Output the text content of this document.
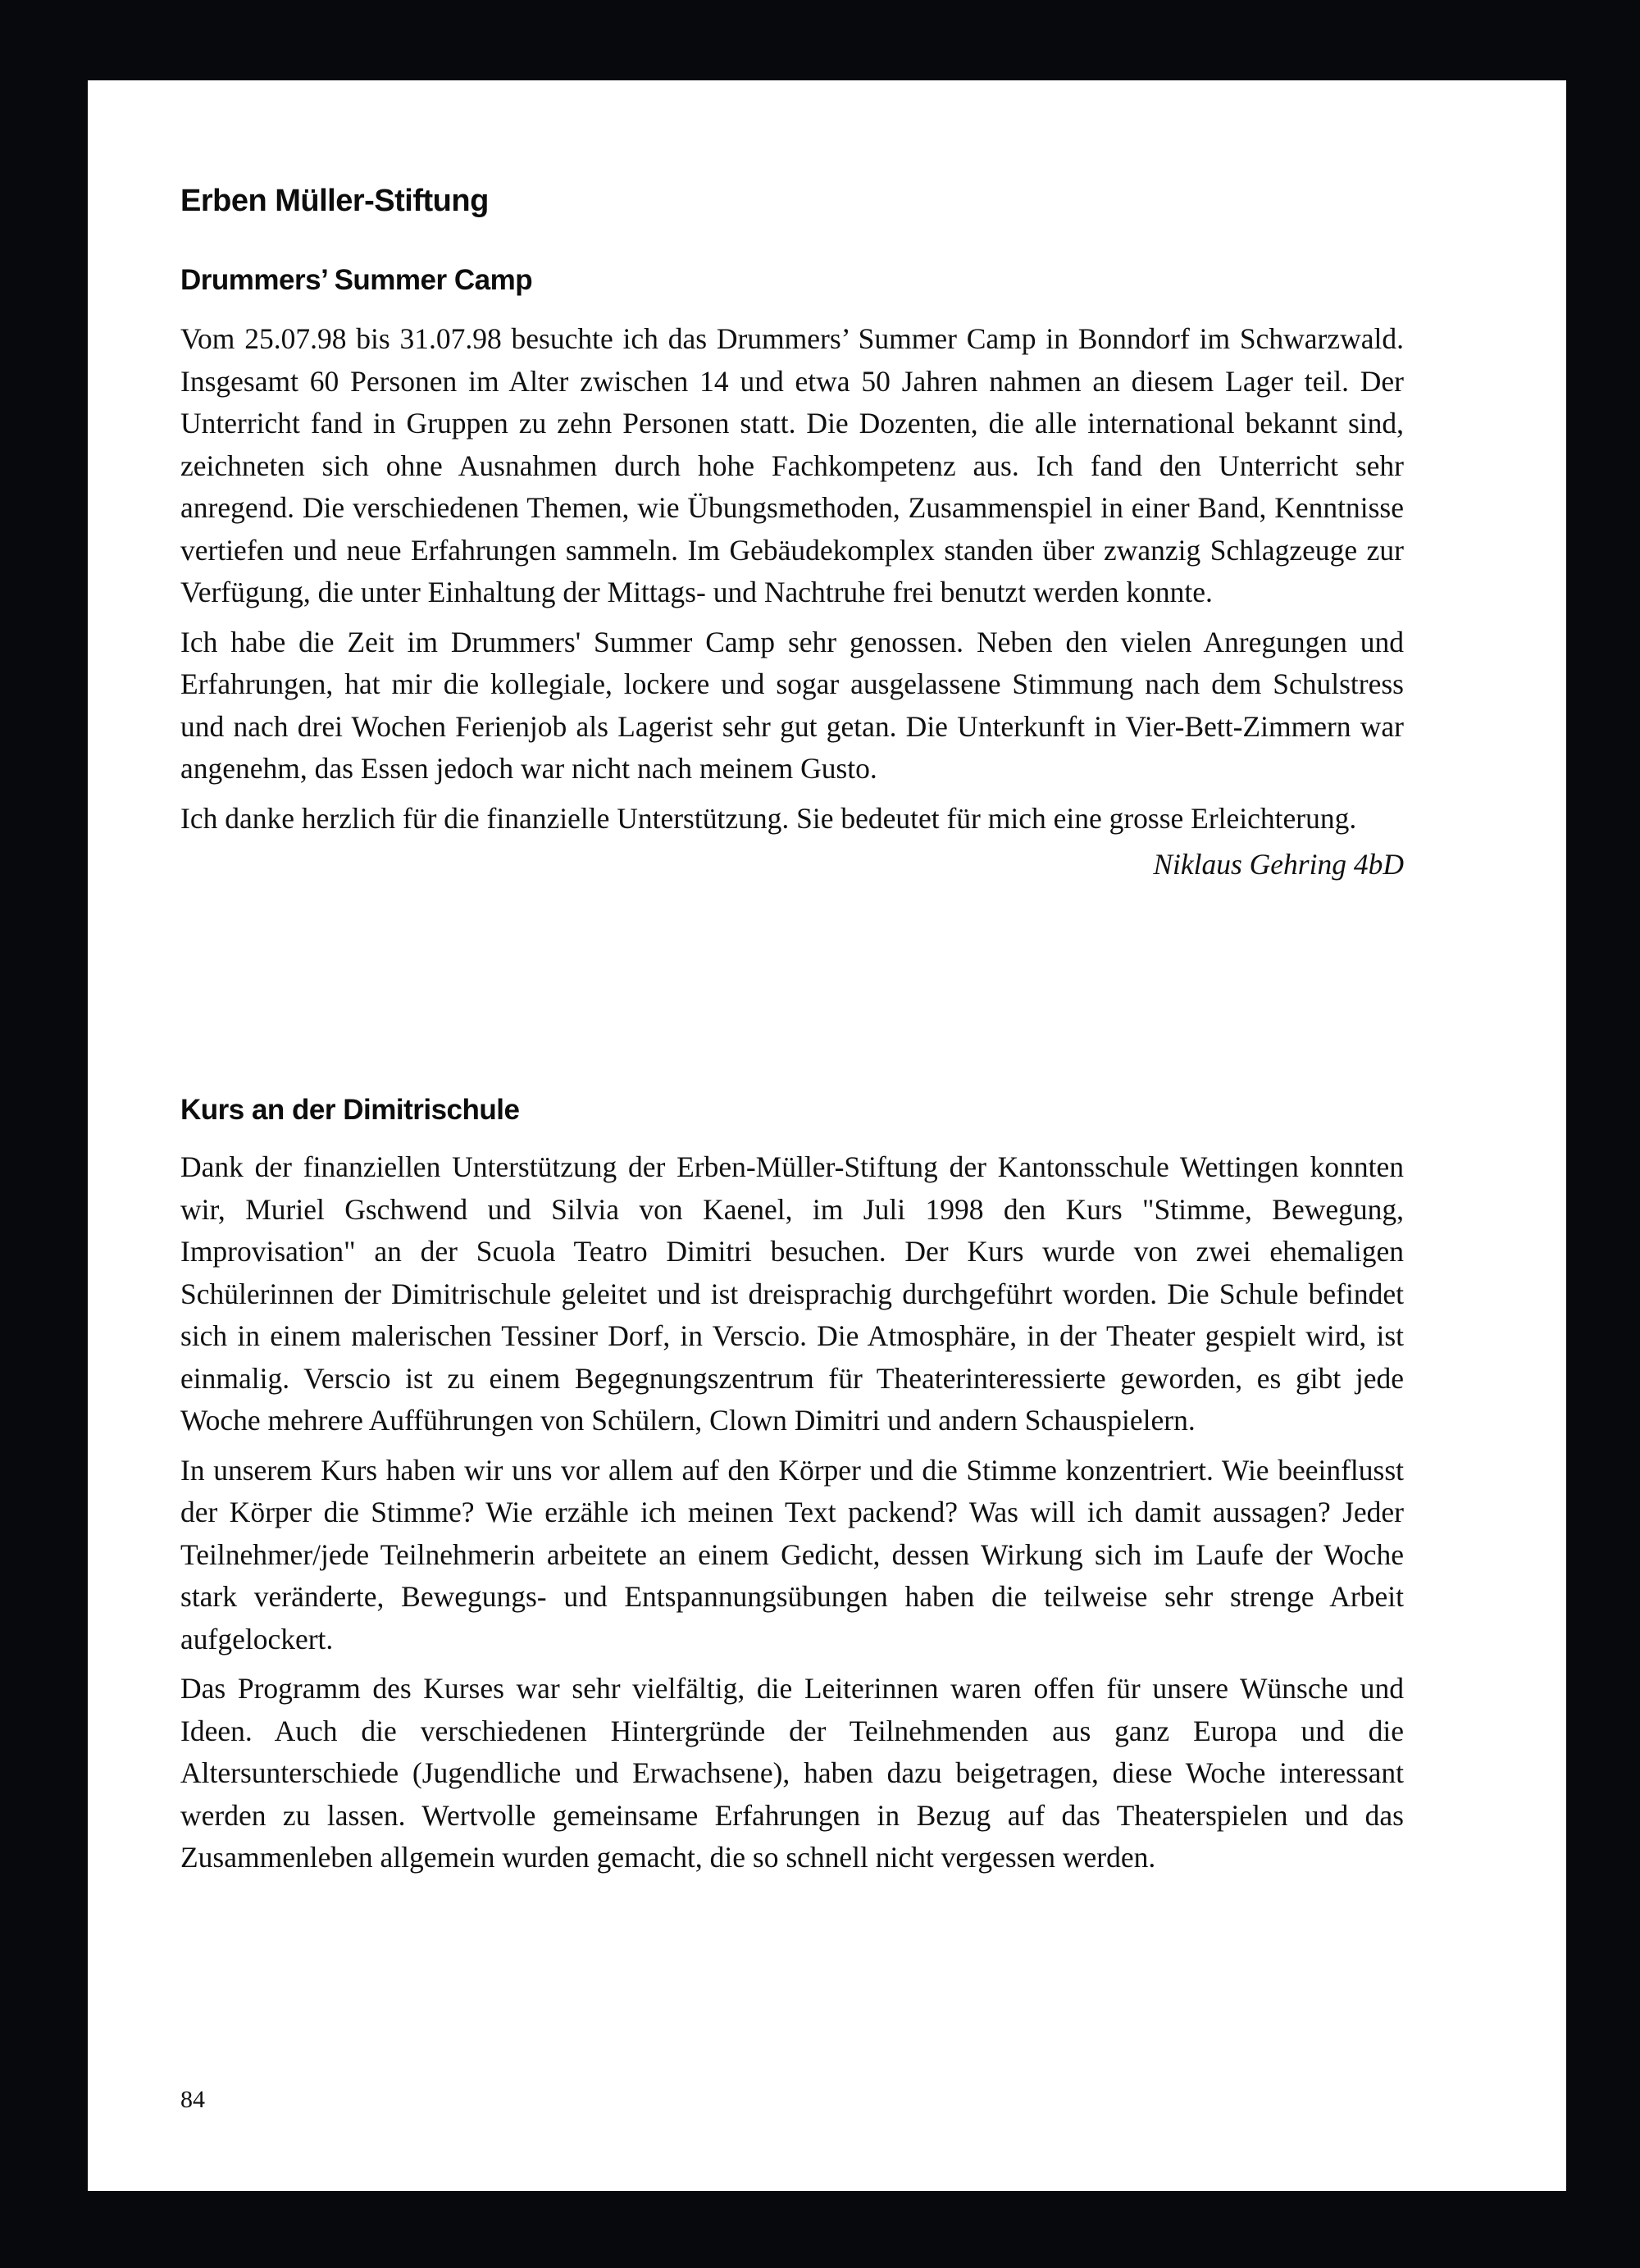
Erben Müller-Stiftung
Drummers’ Summer Camp

Vom 25.07.98 bis 31.07.98 besuchte ich das Drummers’ Summer Camp in Bonndorf im Schwarzwald. Insgesamt 60 Personen im Alter zwischen 14 und etwa 50 Jahren nahmen an diesem Lager teil. Der Unterricht fand in Gruppen zu zehn Personen statt. Die Dozenten, die alle international bekannt sind, zeichneten sich ohne Ausnahmen durch hohe Fachkompetenz aus. Ich fand den Unterricht sehr anregend. Die verschiedenen Themen, wie Übungsmethoden, Zusammenspiel in einer Band, Kenntnisse vertiefen und neue Erfahrungen sammeln. Im Gebäudekomplex standen über zwanzig Schlagzeuge zur Verfügung, die unter Einhaltung der Mittags- und Nachtruhe frei benutzt werden konnte.

Ich habe die Zeit im Drummers' Summer Camp sehr genossen. Neben den vielen Anregungen und Erfahrungen, hat mir die kollegiale, lockere und sogar ausgelassene Stimmung nach dem Schulstress und nach drei Wochen Ferienjob als Lagerist sehr gut getan. Die Unterkunft in Vier-Bett-Zimmern war angenehm, das Essen jedoch war nicht nach meinem Gusto.

Ich danke herzlich für die finanzielle Unterstützung. Sie bedeutet für mich eine grosse Erleichterung.

Niklaus Gehring 4bD

Kurs an der Dimitrischule

Dank der finanziellen Unterstützung der Erben-Müller-Stiftung der Kantonsschule Wettingen konnten wir, Muriel Gschwend und Silvia von Kaenel, im Juli 1998 den Kurs "Stimme, Bewegung, Improvisation" an der Scuola Teatro Dimitri besuchen. Der Kurs wurde von zwei ehemaligen Schülerinnen der Dimitrischule geleitet und ist dreisprachig durchgeführt worden. Die Schule befindet sich in einem malerischen Tessiner Dorf, in Verscio. Die Atmosphäre, in der Theater gespielt wird, ist einmalig. Verscio ist zu einem Begegnungszentrum für Theaterinteressierte geworden, es gibt jede Woche mehrere Aufführungen von Schülern, Clown Dimitri und andern Schauspielern.

In unserem Kurs haben wir uns vor allem auf den Körper und die Stimme konzentriert. Wie beeinflusst der Körper die Stimme? Wie erzähle ich meinen Text packend? Was will ich damit aussagen? Jeder Teilnehmer/jede Teilnehmerin arbeitete an einem Gedicht, dessen Wirkung sich im Laufe der Woche stark veränderte, Bewegungs- und Entspannungsübungen haben die teilweise sehr strenge Arbeit aufgelockert.

Das Programm des Kurses war sehr vielfältig, die Leiterinnen waren offen für unsere Wünsche und Ideen. Auch die verschiedenen Hintergründe der Teilnehmenden aus ganz Europa und die Altersunterschiede (Jugendliche und Erwachsene), haben dazu beigetragen, diese Woche interessant werden zu lassen. Wertvolle gemeinsame Erfahrungen in Bezug auf das Theaterspielen und das Zusammenleben allgemein wurden gemacht, die so schnell nicht vergessen werden.

84
